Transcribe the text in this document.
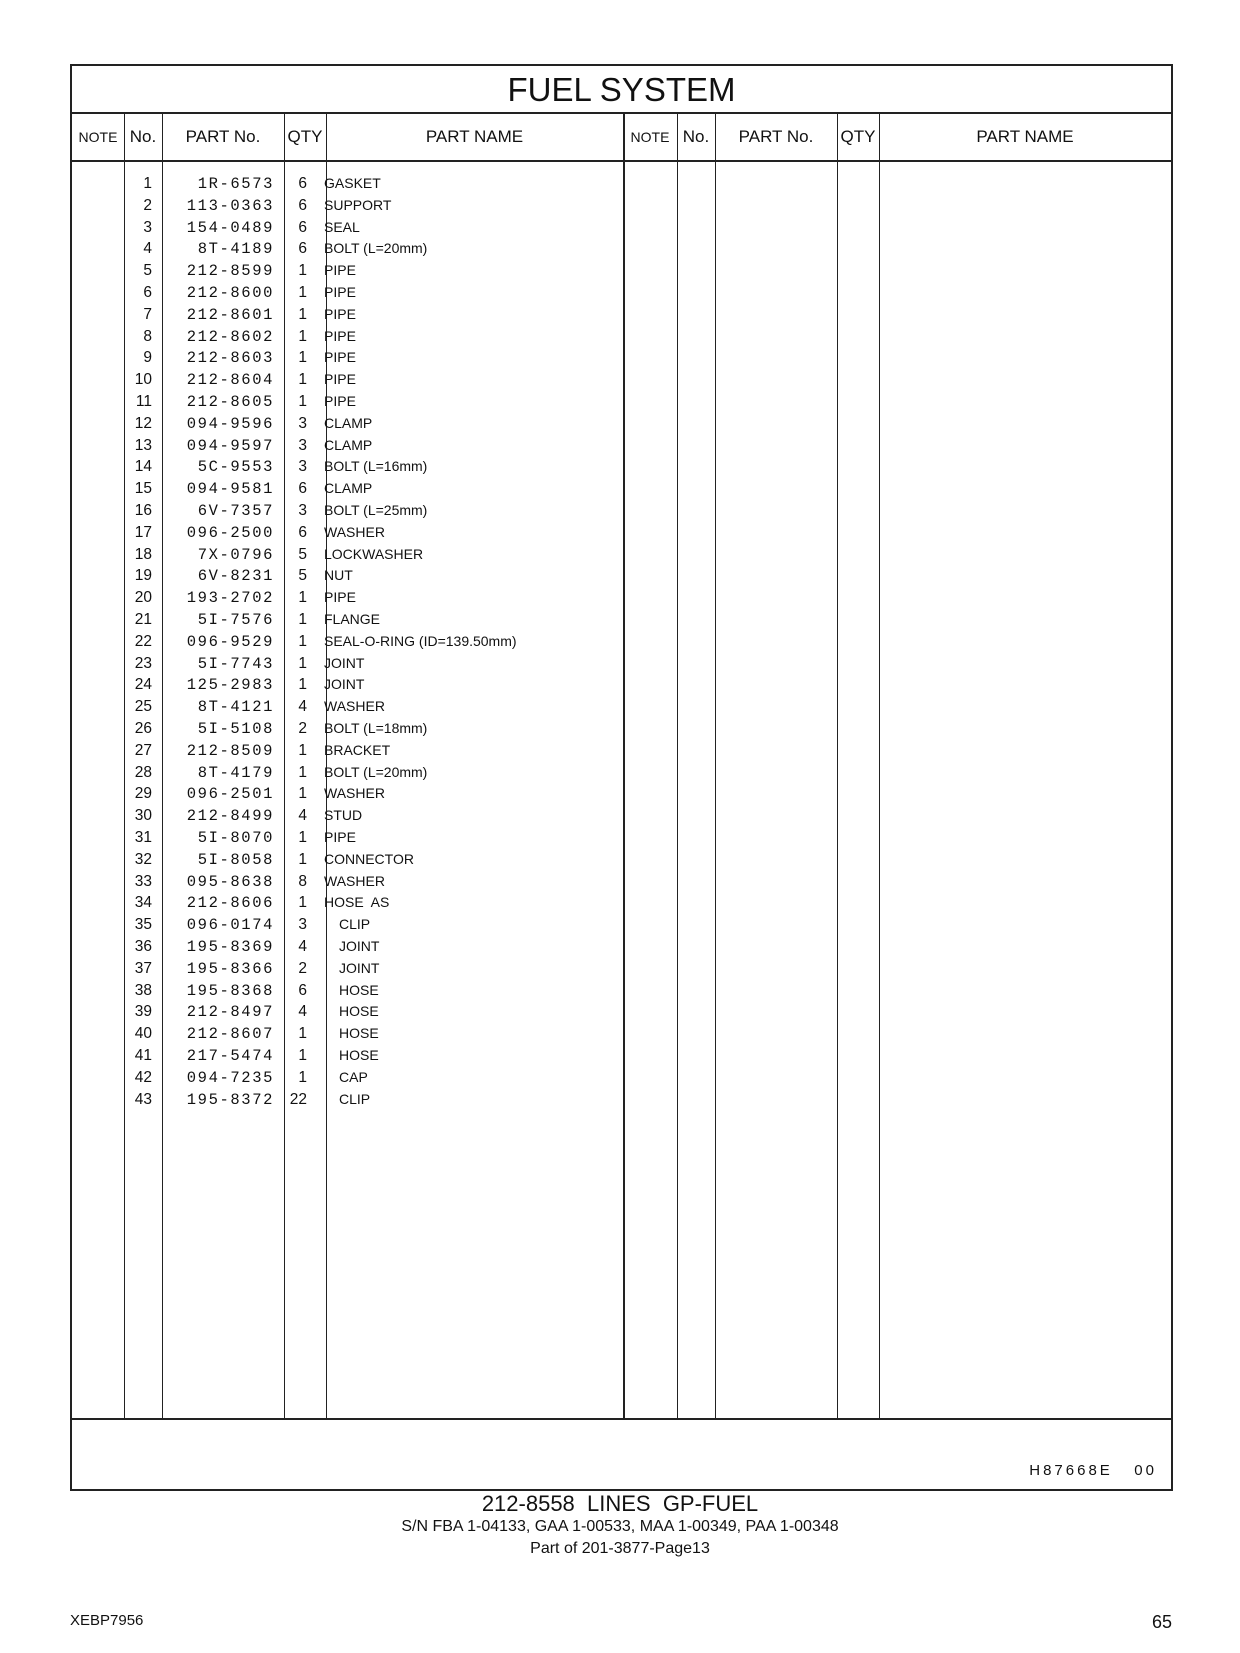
FUEL SYSTEM
NOTE No.	PART No.	QTY	PART NAME	NOTE No.	PART No.	QTY	PART NAME
1	1R-6573	6 GASKET
2	113-0363	6 SUPPORT
3	154-0489	6 SEAL
4	8T-4189	6 BOLT (L=20mm)
5	212-8599	1 PIPE
6	212-8600	1 PIPE
7	212-8601	1 PIPE
8	212-8602	1 PIPE
9	212-8603	1 PIPE
10	212-8604	1 PIPE
11	212-8605	1 PIPE
12	094-9596	3 CLAMP
13	094-9597	3 CLAMP
14	5C-9553	3 BOLT (L=16mm)
15	094-9581	6 CLAMP
16	6V-7357	3 BOLT (L=25mm)
17	096-2500	6 WASHER
18	7X-0796	5 LOCKWASHER
19	6V-8231	5 NUT
20	193-2702	1 PIPE
21	5I-7576	1 FLANGE
22	096-9529	1 SEAL-O-RING (ID=139.50mm)
23	5I-7743	1 JOINT
24	125-2983	1 JOINT
25	8T-4121	4 WASHER
26	5I-5108	2 BOLT (L=18mm)
27	212-8509	1 BRACKET
28	8T-4179	1 BOLT (L=20mm)
29	096-2501	1 WASHER
30	212-8499	4 STUD
31	5I-8070	1 PIPE
32	5I-8058	1 CONNECTOR
33	095-8638	8 WASHER
34	212-8606	1 HOSE  AS
35	096-0174	3 CLIP
36	195-8369	4 JOINT
37	195-8366	2 JOINT
38	195-8368	6 HOSE
39	212-8497	4 HOSE
40	212-8607	1 HOSE
41	217-5474	1 HOSE
42	094-7235	1 CAP
43	195-8372	22 CLIP
H87668E   00
212-8558  LINES  GP-FUEL
S/N FBA 1-04133, GAA 1-00533, MAA 1-00349, PAA 1-00348
Part of 201-3877-Page13
XEBP7956	65
